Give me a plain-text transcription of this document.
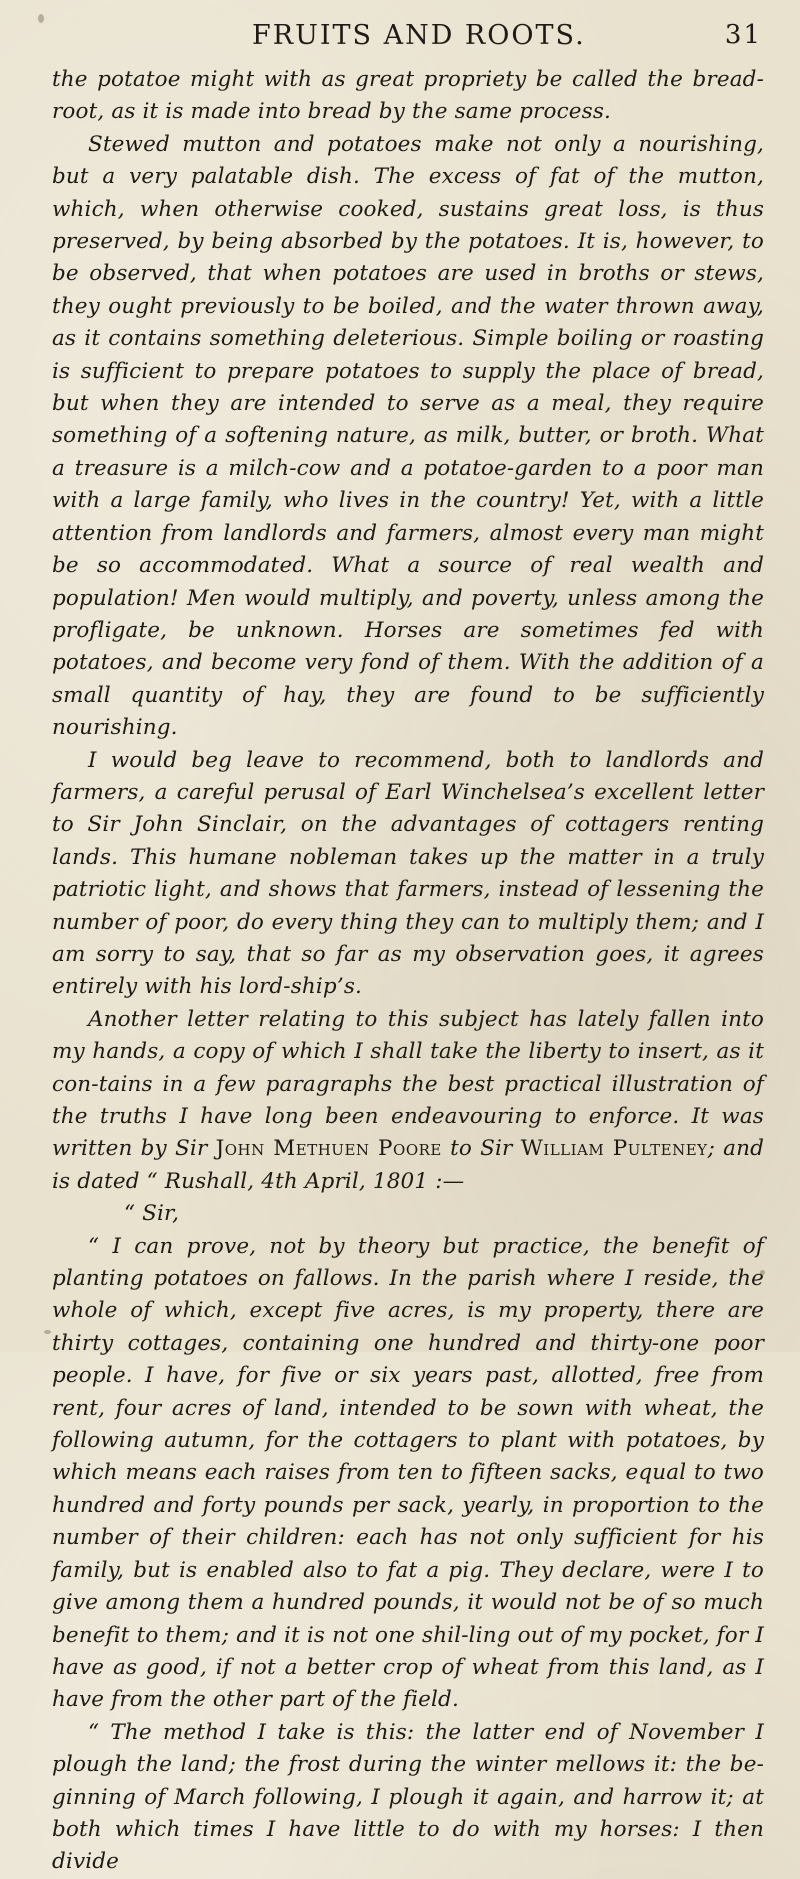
FRUITS AND ROOTS.	31

the potatoe might with as great propriety be called the bread-root, as it is made into bread by the same process.

Stewed mutton and potatoes make not only a nourishing, but a very palatable dish. The excess of fat of the mutton, which, when otherwise cooked, sustains great loss, is thus preserved, by being absorbed by the potatoes. It is, however, to be observed, that when potatoes are used in broths or stews, they ought previously to be boiled, and the water thrown away, as it contains something deleterious. Simple boiling or roasting is sufficient to prepare potatoes to supply the place of bread, but when they are intended to serve as a meal, they require something of a softening nature, as milk, butter, or broth. What a treasure is a milch-cow and a potatoe-garden to a poor man with a large family, who lives in the country! Yet, with a little attention from landlords and farmers, almost every man might be so accommodated. What a source of real wealth and population! Men would multiply, and poverty, unless among the profligate, be unknown. Horses are sometimes fed with potatoes, and become very fond of them. With the addition of a small quantity of hay, they are found to be sufficiently nourishing.

I would beg leave to recommend, both to landlords and farmers, a careful perusal of Earl Winchelsea’s excellent letter to Sir John Sinclair, on the advantages of cottagers renting lands. This humane nobleman takes up the matter in a truly patriotic light, and shows that farmers, instead of lessening the number of poor, do every thing they can to multiply them; and I am sorry to say, that so far as my observation goes, it agrees entirely with his lord-ship’s.

Another letter relating to this subject has lately fallen into my hands, a copy of which I shall take the liberty to insert, as it con-tains in a few paragraphs the best practical illustration of the truths I have long been endeavouring to enforce. It was written by Sir John Methuen Poore to Sir William Pulteney; and is dated “ Rushall, 4th April, 1801 :—

“ Sir,

“ I can prove, not by theory but practice, the benefit of planting potatoes on fallows. In the parish where I reside, the whole of which, except five acres, is my property, there are thirty cottages, containing one hundred and thirty-one poor people. I have, for five or six years past, allotted, free from rent, four acres of land, intended to be sown with wheat, the following autumn, for the cottagers to plant with potatoes, by which means each raises from ten to fifteen sacks, equal to two hundred and forty pounds per sack, yearly, in proportion to the number of their children: each has not only sufficient for his family, but is enabled also to fat a pig. They declare, were I to give among them a hundred pounds, it would not be of so much benefit to them; and it is not one shil-ling out of my pocket, for I have as good, if not a better crop of wheat from this land, as I have from the other part of the field.

“ The method I take is this: the latter end of November I plough the land; the frost during the winter mellows it: the be-ginning of March following, I plough it again, and harrow it; at both which times I have little to do with my horses: I then divide
